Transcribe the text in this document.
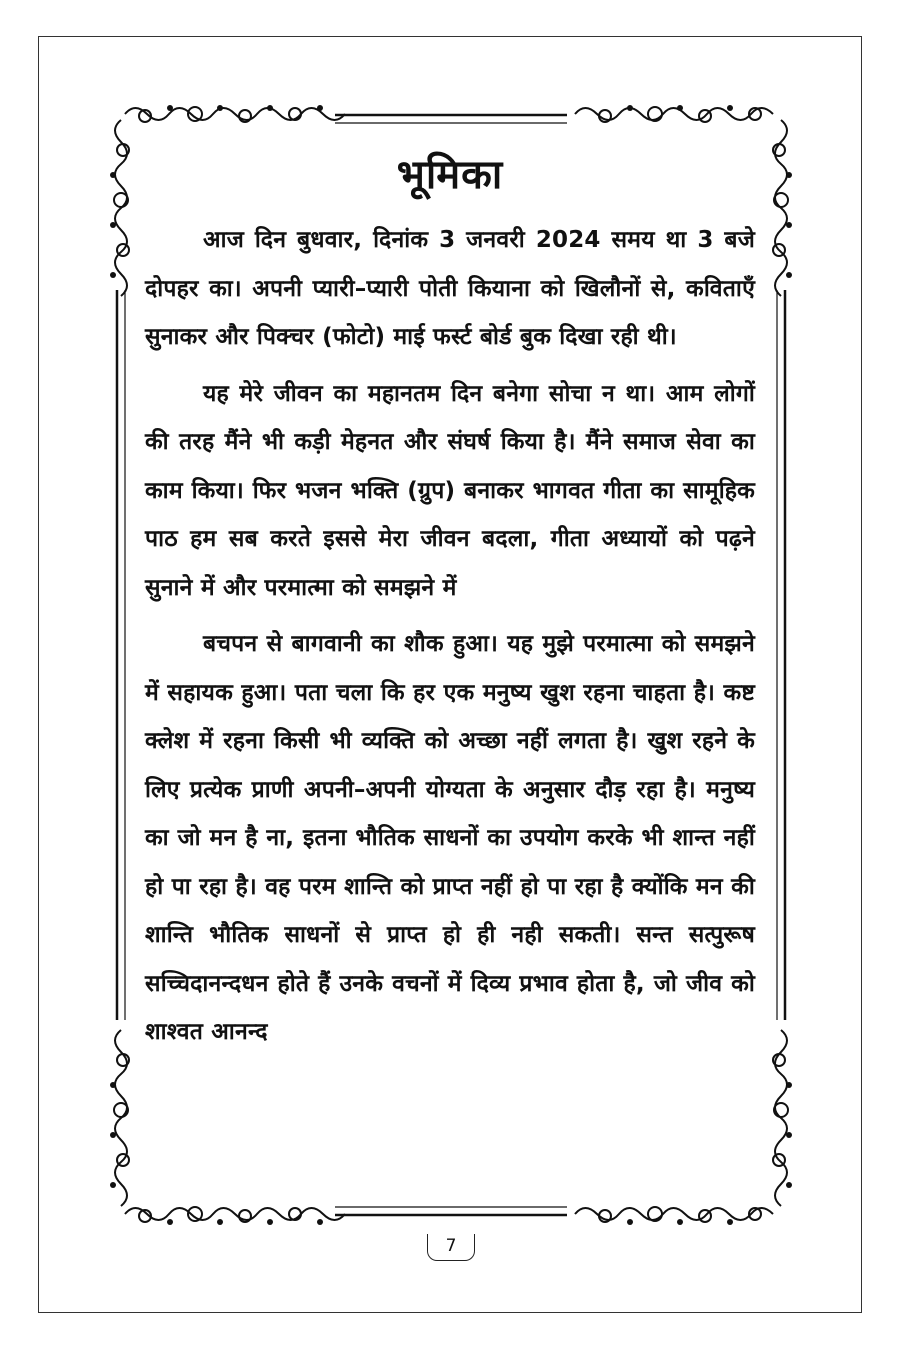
भूमिका

आज दिन बुधवार, दिनांक 3 जनवरी 2024 समय था 3 बजे दोपहर का। अपनी प्यारी–प्यारी पोती कियाना को खिलौनों से, कविताएँ सुनाकर और पिक्चर (फोटो) माई फर्स्ट बोर्ड बुक दिखा रही थी।

यह मेरे जीवन का महानतम दिन बनेगा सोचा न था। आम लोगों की तरह मैंने भी कड़ी मेहनत और संघर्ष किया है। मैंने समाज सेवा का काम किया। फिर भजन भक्ति (ग्रुप) बनाकर भागवत गीता का सामूहिक पाठ हम सब करते इससे मेरा जीवन बदला, गीता अध्यायों को पढ़ने सुनाने में और परमात्मा को समझने में

बचपन से बागवानी का शौक हुआ। यह मुझे परमात्मा को समझने में सहायक हुआ। पता चला कि हर एक मनुष्य खुश रहना चाहता है। कष्ट क्लेश में रहना किसी भी व्यक्ति को अच्छा नहीं लगता है। खुश रहने के लिए प्रत्येक प्राणी अपनी–अपनी योग्यता के अनुसार दौड़ रहा है। मनुष्य का जो मन है ना, इतना भौतिक साधनों का उपयोग करके भी शान्त नहीं हो पा रहा है। वह परम शान्ति को प्राप्त नहीं हो पा रहा है क्योंकि मन की शान्ति भौतिक साधनों से प्राप्त हो ही नही सकती। सन्त सत्पुरूष सच्चिदानन्दधन होते हैं उनके वचनों में दिव्य प्रभाव होता है, जो जीव को शाश्वत आनन्द

7
